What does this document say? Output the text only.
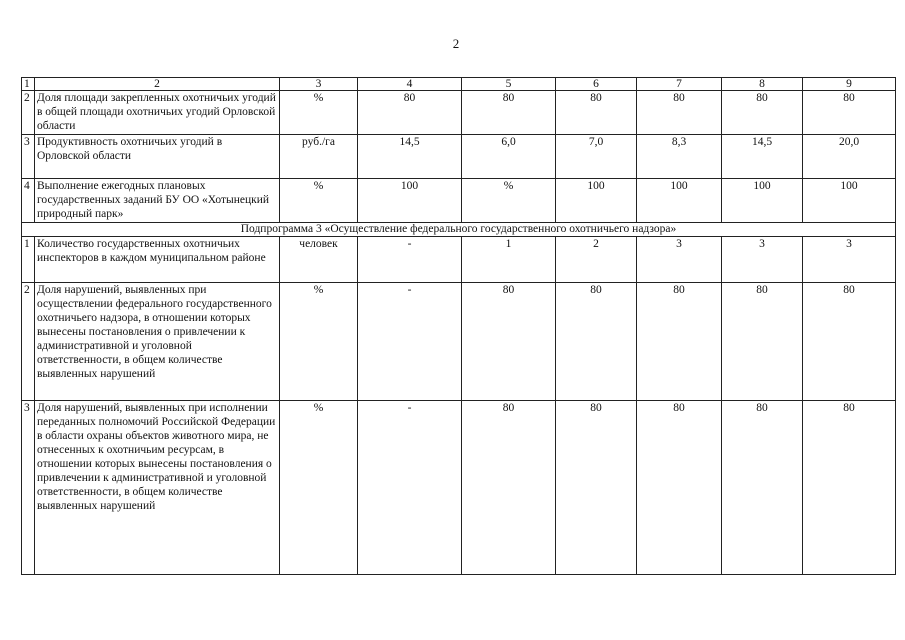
2
1	2	3	4	5	6	7	8	9
2	Доля площади закрепленных охотничьих угодий в общей площади охотничьих угодий Орловской области	%	80	80	80	80	80	80
3	Продуктивность охотничьих угодий в Орловской области	руб./га	14,5	6,0	7,0	8,3	14,5	20,0
4	Выполнение ежегодных плановых государственных заданий БУ ОО «Хотынецкий природный парк»	%	100	%	100	100	100	100
Подпрограмма 3 «Осуществление федерального государственного охотничьего надзора»								
1	Количество государственных охотничьих инспекторов в каждом муниципальном районе	человек	-	1	2	3	3	3
2	Доля нарушений, выявленных при осуществлении федерального государственного охотничьего надзора, в отношении которых вынесены постановления о привлечении к административной и уголовной ответственности, в общем количестве выявленных нарушений	%	-	80	80	80	80	80
3	Доля нарушений, выявленных при исполнении переданных полномочий Российской Федерации в области охраны объектов животного мира, не отнесенных к охотничьим ресурсам, в отношении которых вынесены постановления о привлечении к административной и уголовной ответственности, в общем количестве выявленных нарушений	%	-	80	80	80	80	80
